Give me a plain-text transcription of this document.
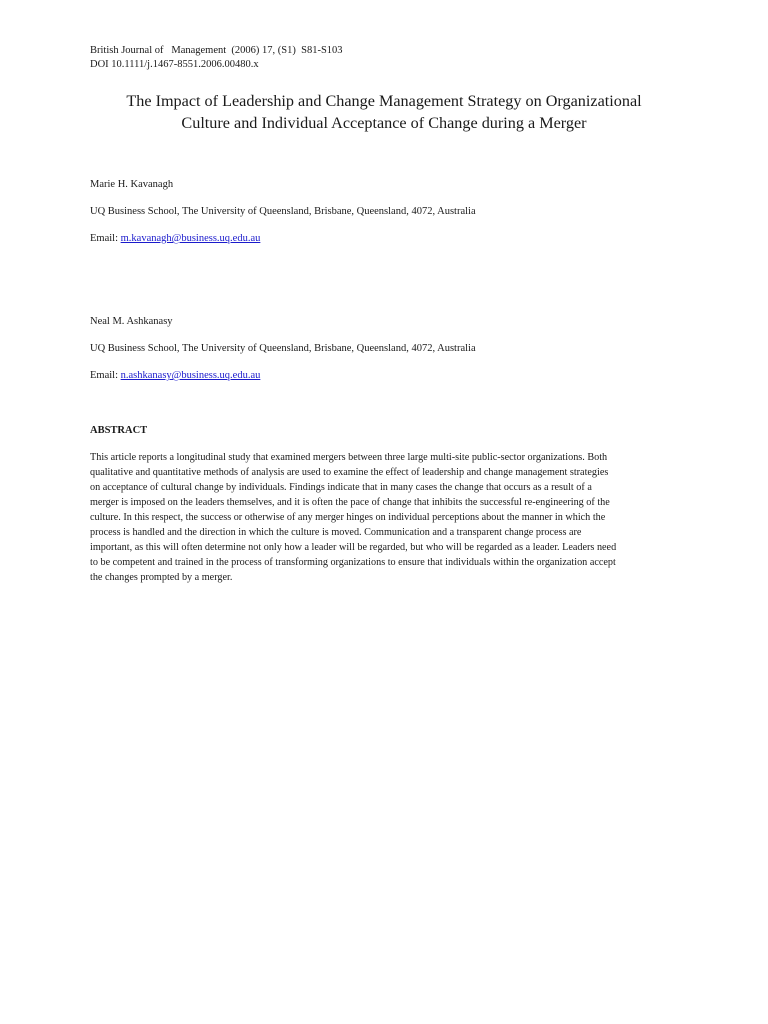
British Journal of   Management  (2006) 17, (S1)  S81-S103
DOI 10.1111/j.1467-8551.2006.00480.x
The Impact of Leadership and Change Management Strategy on Organizational
Culture and Individual Acceptance of Change during a Merger
Marie H. Kavanagh
UQ Business School, The University of Queensland, Brisbane, Queensland, 4072, Australia
Email: m.kavanagh@business.uq.edu.au
Neal M. Ashkanasy
UQ Business School, The University of Queensland, Brisbane, Queensland, 4072, Australia
Email: n.ashkanasy@business.uq.edu.au
ABSTRACT
This article reports a longitudinal study that examined mergers between three large multi-site public-sector organizations. Both
qualitative and quantitative methods of analysis are used to examine the effect of leadership and change management strategies
on acceptance of cultural change by individuals. Findings indicate that in many cases the change that occurs as a result of a
merger is imposed on the leaders themselves, and it is often the pace of change that inhibits the successful re-engineering of the
culture. In this respect, the success or otherwise of any merger hinges on individual perceptions about the manner in which the
process is handled and the direction in which the culture is moved. Communication and a transparent change process are
important, as this will often determine not only how a leader will be regarded, but who will be regarded as a leader. Leaders need
to be competent and trained in the process of transforming organizations to ensure that individuals within the organization accept
the changes prompted by a merger.
